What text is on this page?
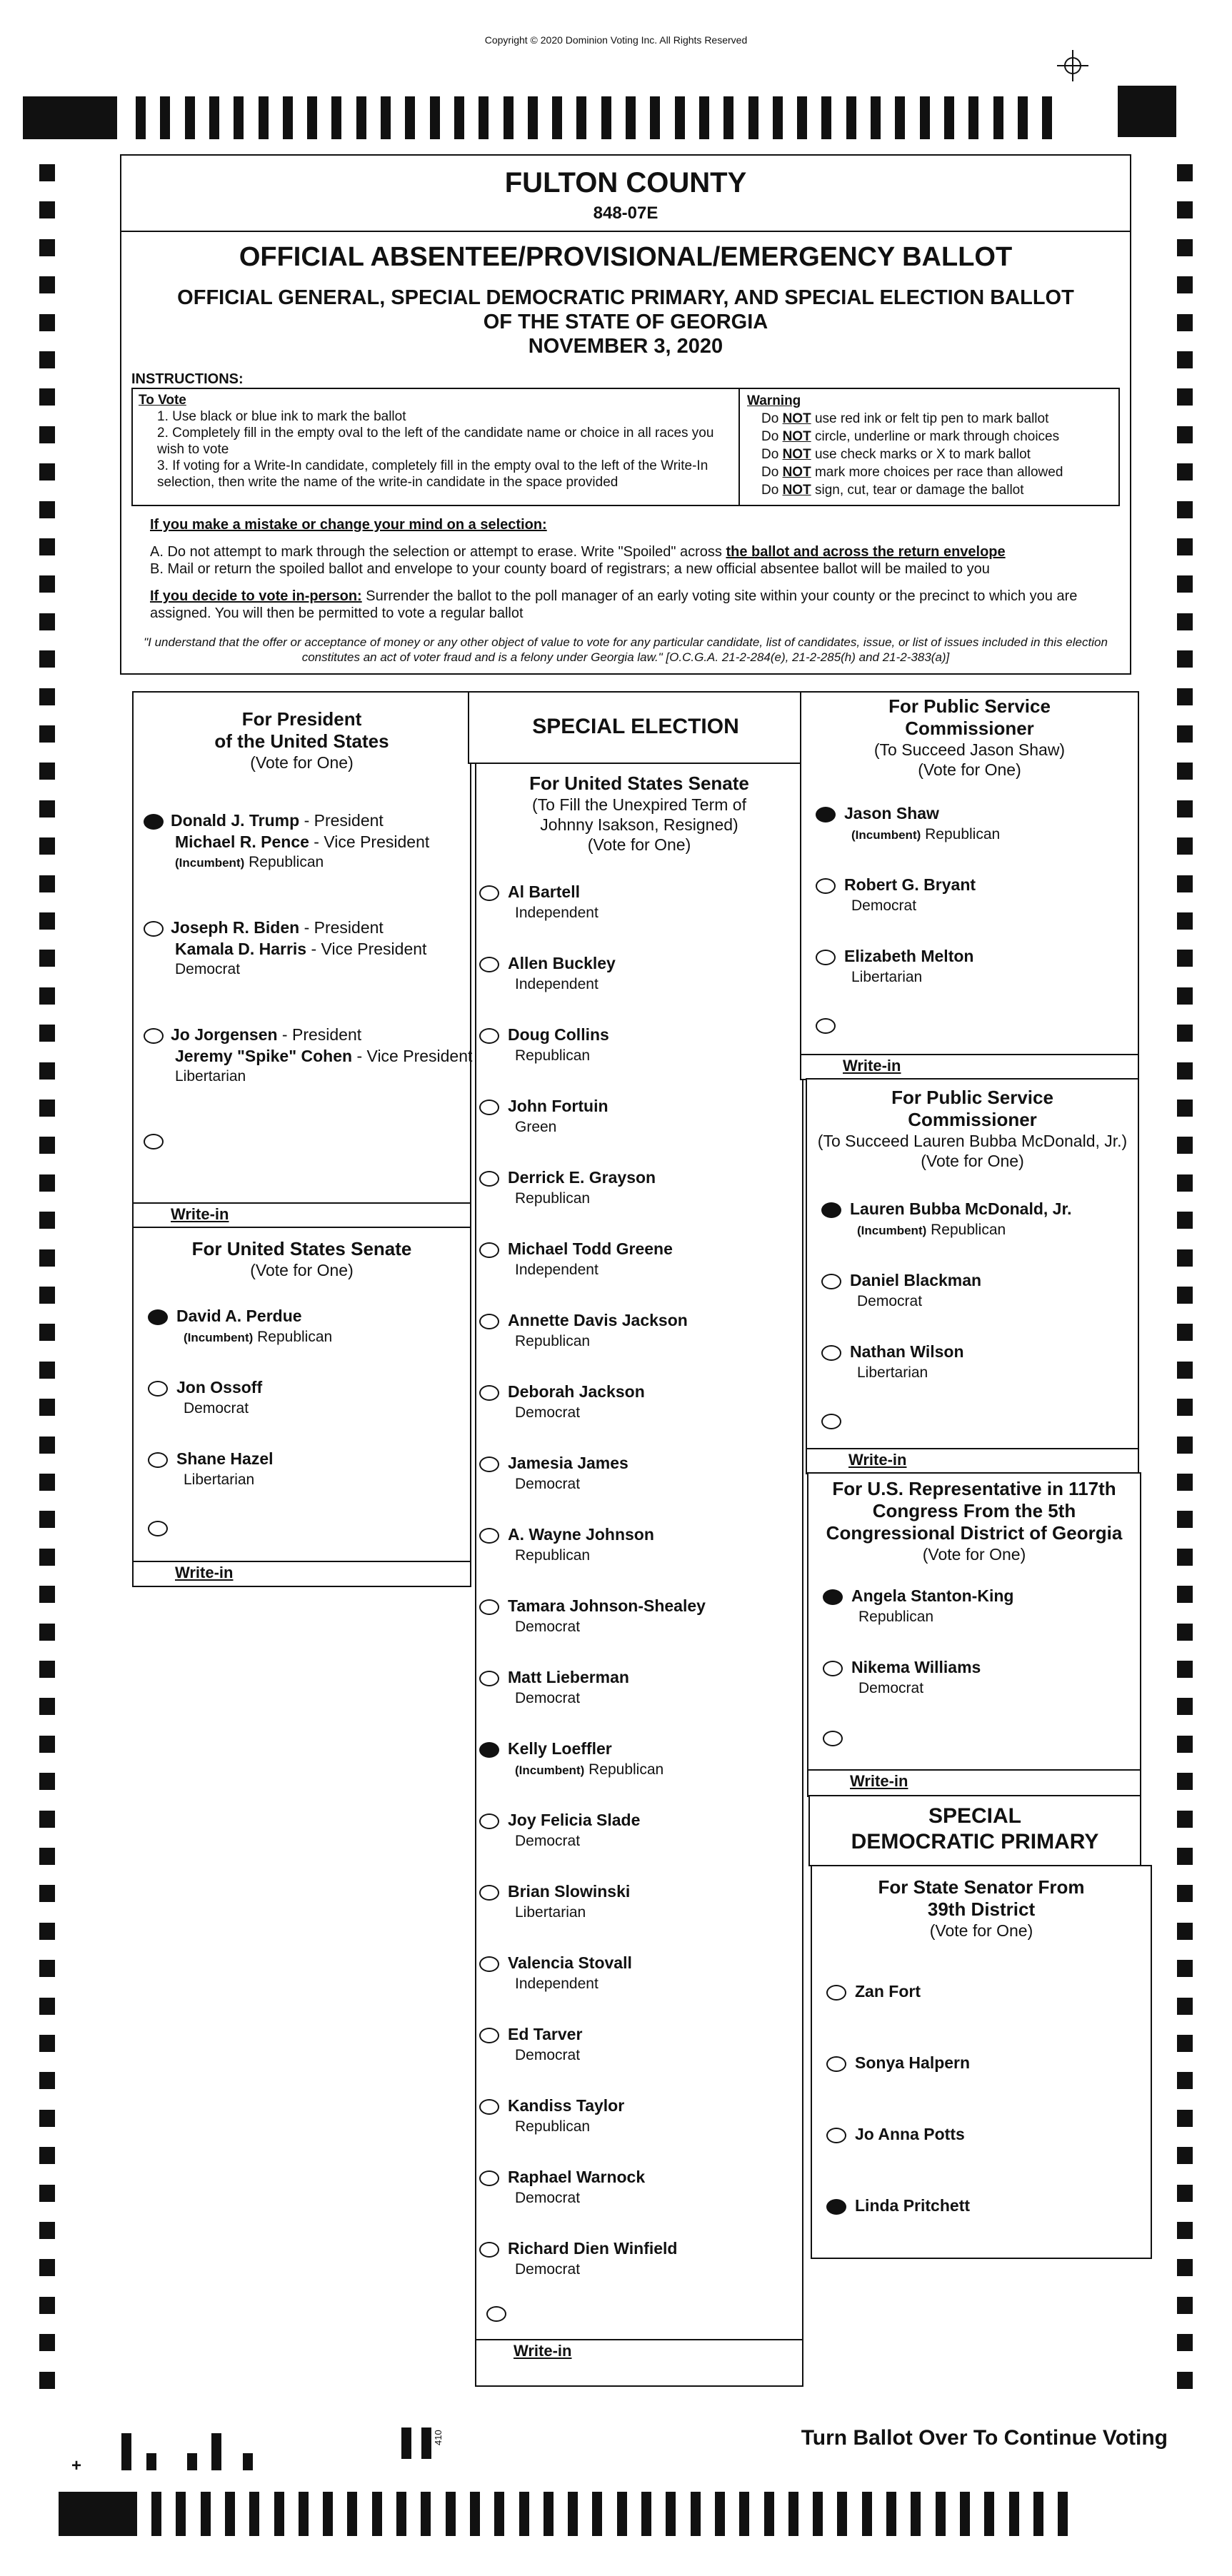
Copyright © 2020 Dominion Voting Inc. All Rights Reserved
FULTON COUNTY
848-07E
OFFICIAL ABSENTEE/PROVISIONAL/EMERGENCY BALLOT
OFFICIAL GENERAL, SPECIAL DEMOCRATIC PRIMARY, AND SPECIAL ELECTION BALLOT
OF THE STATE OF GEORGIA
NOVEMBER 3, 2020
INSTRUCTIONS:
To Vote
1. Use black or blue ink to mark the ballot
2. Completely fill in the empty oval to the left of the candidate name or choice in all races you wish to vote
3. If voting for a Write-In candidate, completely fill in the empty oval to the left of the Write-In selection, then write the name of the write-in candidate in the space provided
Warning
Do NOT use red ink or felt tip pen to mark ballot
Do NOT circle, underline or mark through choices
Do NOT use check marks or X to mark ballot
Do NOT mark more choices per race than allowed
Do NOT sign, cut, tear or damage the ballot
If you make a mistake or change your mind on a selection:
A. Do not attempt to mark through the selection or attempt to erase. Write "Spoiled" across the ballot and across the return envelope
B. Mail or return the spoiled ballot and envelope to your county board of registrars; a new official absentee ballot will be mailed to you
If you decide to vote in-person: Surrender the ballot to the poll manager of an early voting site within your county or the precinct to which you are assigned. You will then be permitted to vote a regular ballot
"I understand that the offer or acceptance of money or any other object of value to vote for any particular candidate, list of candidates, issue, or list of issues included in this election constitutes an act of voter fraud and is a felony under Georgia law." [O.C.G.A. 21-2-284(e), 21-2-285(h) and 21-2-383(a)]
For President
of the United States
(Vote for One)
Donald J. Trump - President
Michael R. Pence - Vice President
(Incumbent) Republican
Joseph R. Biden - President
Kamala D. Harris - Vice President
Democrat
Jo Jorgensen - President
Jeremy "Spike" Cohen - Vice President
Libertarian
Write-in
For United States Senate
(Vote for One)
David A. Perdue
(Incumbent) Republican
Jon Ossoff
Democrat
Shane Hazel
Libertarian
Write-in
SPECIAL ELECTION
For United States Senate
(To Fill the Unexpired Term of
Johnny Isakson, Resigned)
(Vote for One)
Al Bartell
Independent
Allen Buckley
Independent
Doug Collins
Republican
John Fortuin
Green
Derrick E. Grayson
Republican
Michael Todd Greene
Independent
Annette Davis Jackson
Republican
Deborah Jackson
Democrat
Jamesia James
Democrat
A. Wayne Johnson
Republican
Tamara Johnson-Shealey
Democrat
Matt Lieberman
Democrat
Kelly Loeffler
(Incumbent) Republican
Joy Felicia Slade
Democrat
Brian Slowinski
Libertarian
Valencia Stovall
Independent
Ed Tarver
Democrat
Kandiss Taylor
Republican
Raphael Warnock
Democrat
Richard Dien Winfield
Democrat
Write-in
For Public Service
Commissioner
(To Succeed Jason Shaw)
(Vote for One)
Jason Shaw
(Incumbent) Republican
Robert G. Bryant
Democrat
Elizabeth Melton
Libertarian
Write-in
For Public Service
Commissioner
(To Succeed Lauren Bubba McDonald, Jr.)
(Vote for One)
Lauren Bubba McDonald, Jr.
(Incumbent) Republican
Daniel Blackman
Democrat
Nathan Wilson
Libertarian
Write-in
For U.S. Representative in 117th
Congress From the 5th
Congressional District of Georgia
(Vote for One)
Angela Stanton-King
Republican
Nikema Williams
Democrat
Write-in
SPECIAL
DEMOCRATIC PRIMARY
For State Senator From
39th District
(Vote for One)
Zan Fort
Sonya Halpern
Jo Anna Potts
Linda Pritchett
+
410	Turn Ballot Over To Continue Voting
